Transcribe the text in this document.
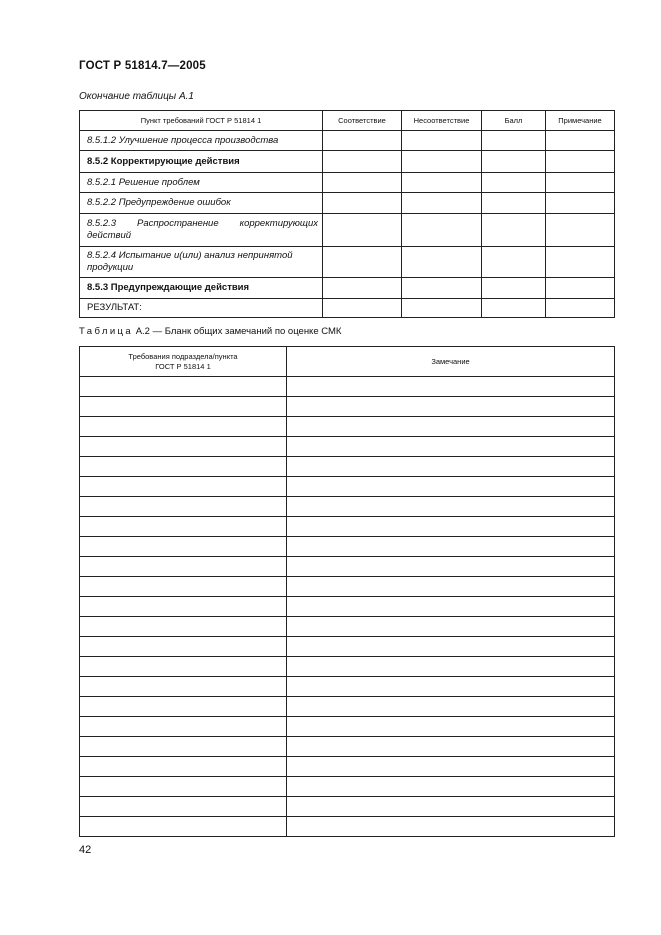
ГОСТ Р 51814.7—2005
Окончание таблицы А.1
Пункт требований ГОСТ Р 51814 1	Соответствие	Несоответствие	Балл	Примечание
8.5.1.2 Улучшение процесса производства				
8.5.2 Корректирующие действия				
8.5.2.1 Решение проблем				
8.5.2.2 Предупреждение ошибок				
8.5.2.3 Распространение корректирующих действий				
8.5.2.4 Испытание и(или) анализ непринятой продукции				
8.5.3 Предупреждающие действия				
РЕЗУЛЬТАТ:				
Таблица А.2 — Бланк общих замечаний по оценке СМК
Требования подраздела/пункта ГОСТ Р 51814 1	Замечание

42
